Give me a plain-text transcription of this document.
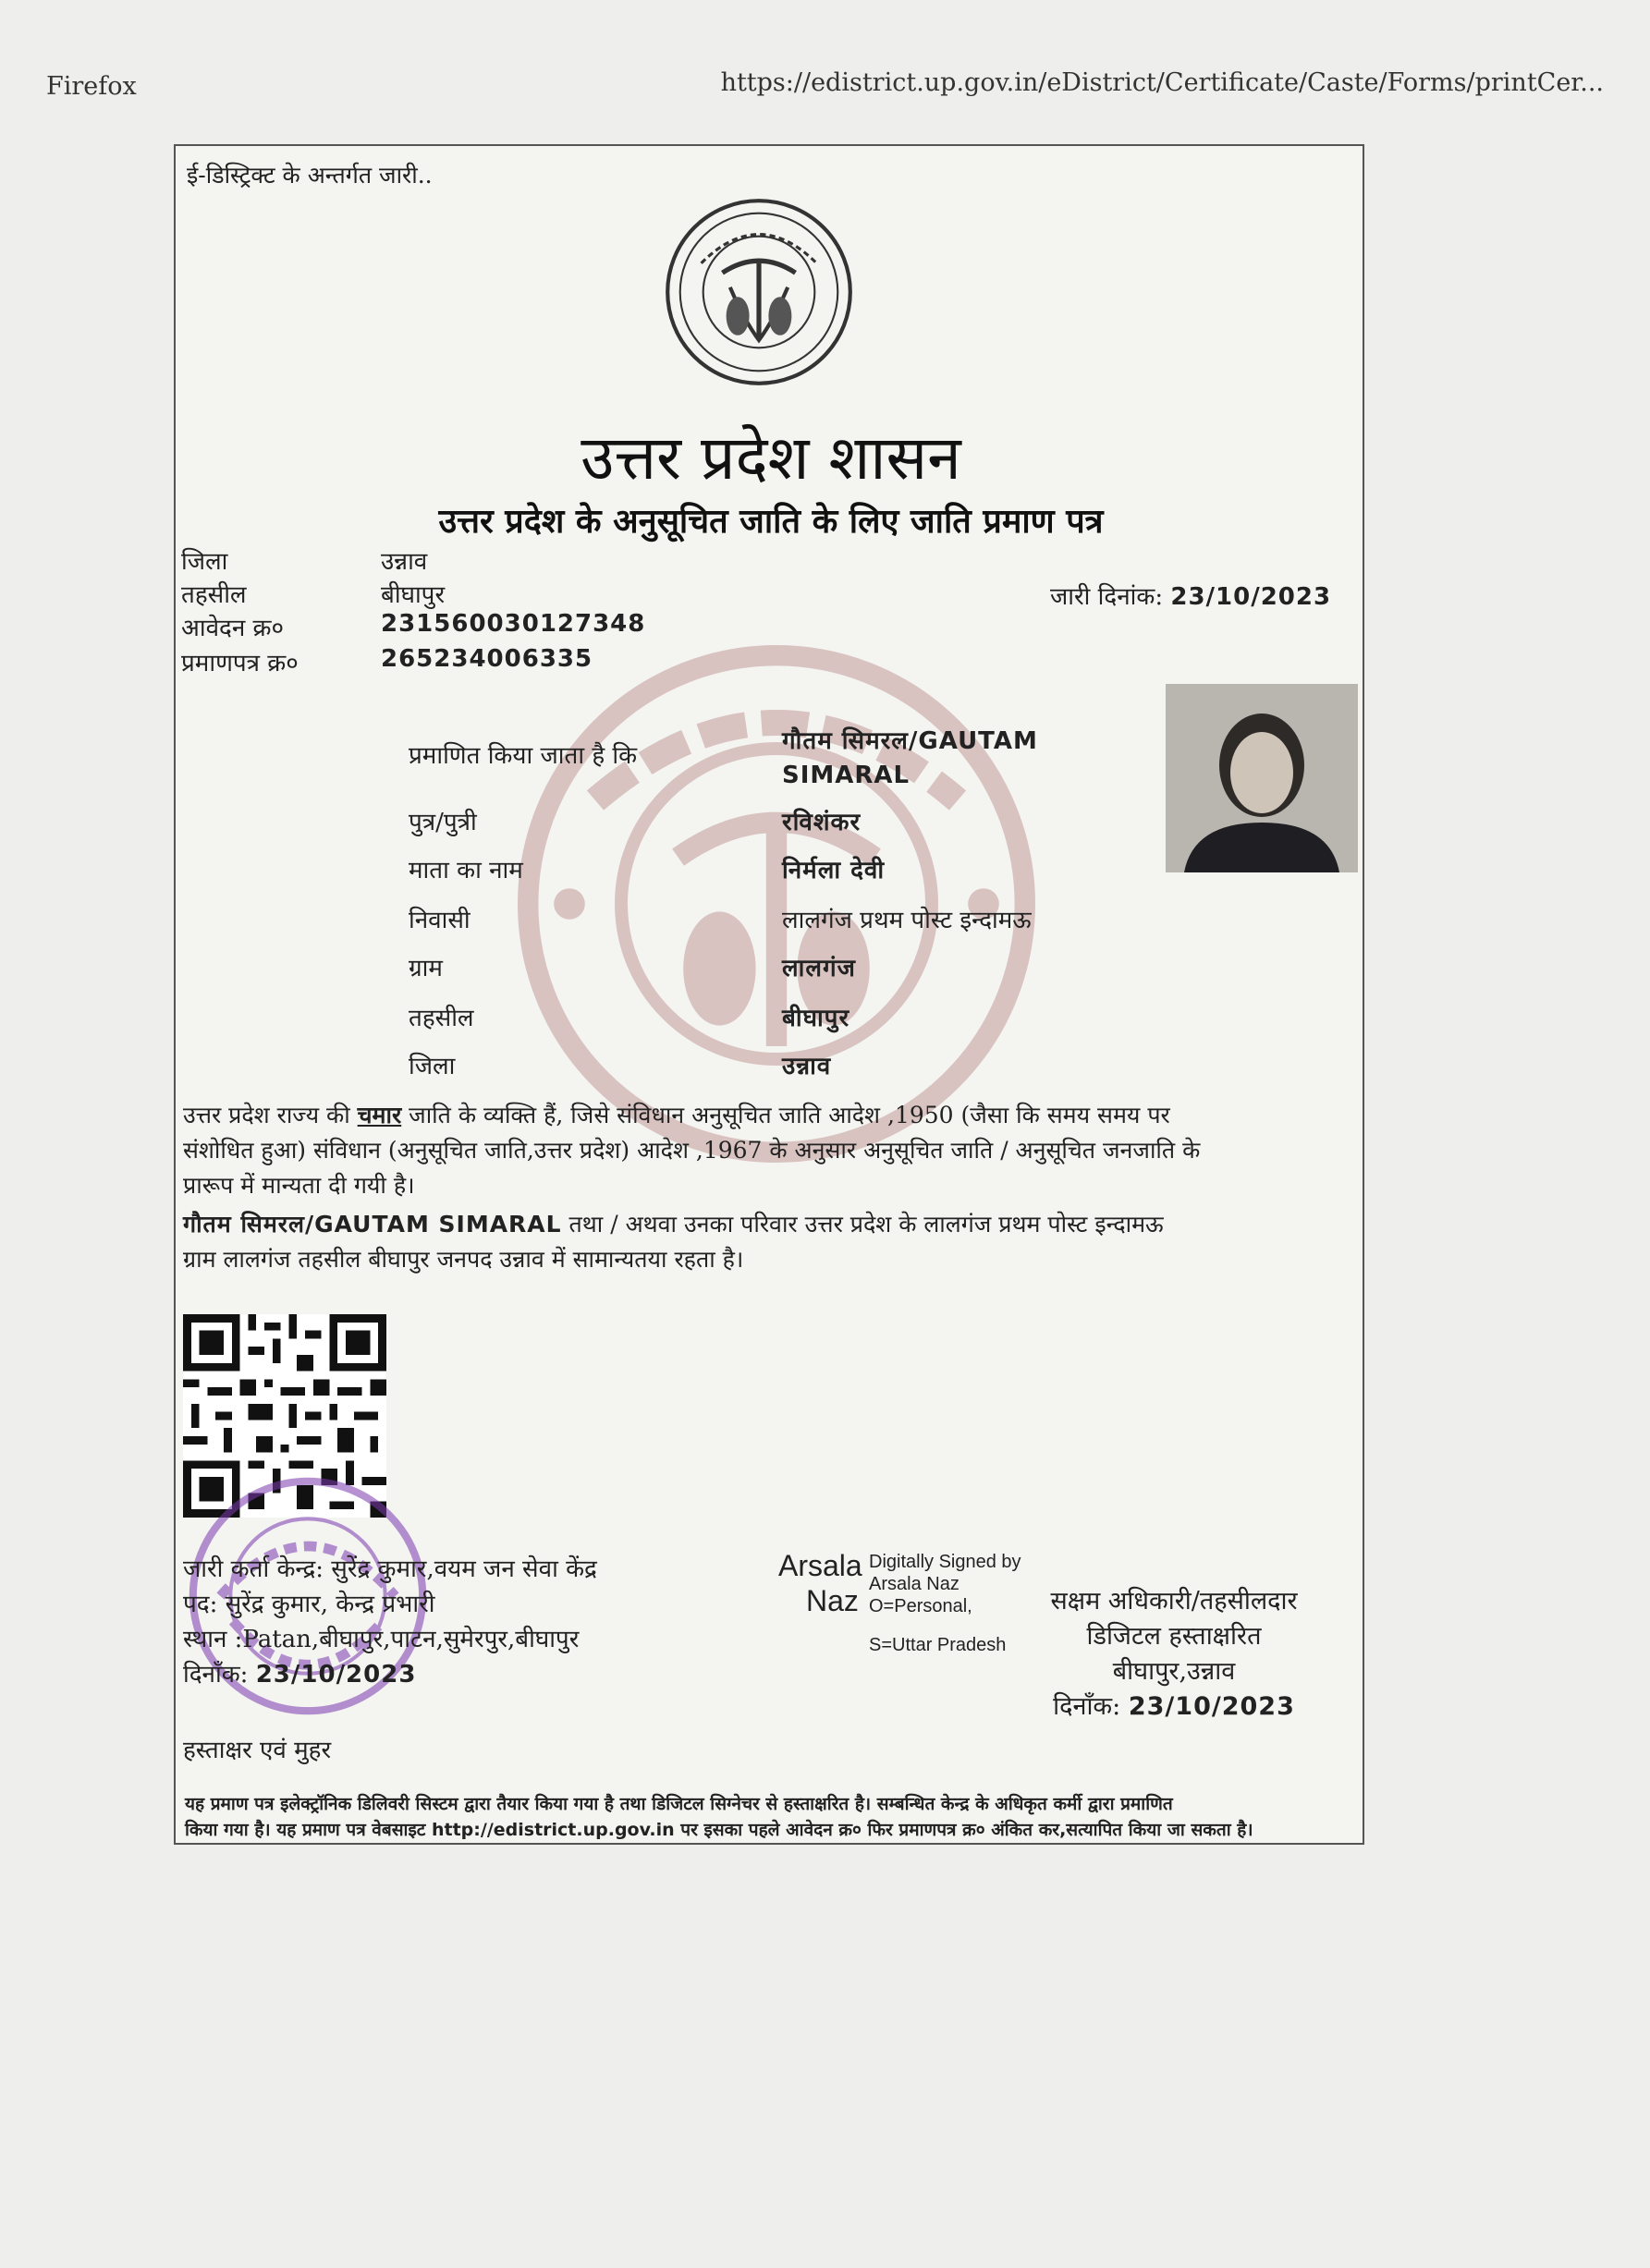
Firefox	https://edistrict.up.gov.in/eDistrict/Certificate/Caste/Forms/printCer...
ई-डिस्ट्रिक्ट के अन्तर्गत जारी..
उत्तर प्रदेश शासन
उत्तर प्रदेश के अनुसूचित जाति के लिए जाति प्रमाण पत्र
जिला	उन्नाव
तहसील	बीघापुर
आवेदन क्र०	231560030127348
प्रमाणपत्र क्र०	265234006335
जारी दिनांक: 23/10/2023
प्रमाणित किया जाता है कि
गौतम सिमरल/GAUTAM
SIMARAL
पुत्र/पुत्री	रविशंकर
माता का नाम	निर्मला देवी
निवासी	लालगंज प्रथम पोस्ट इन्दामऊ
ग्राम	लालगंज
तहसील	बीघापुर
जिला	उन्नाव
उत्तर प्रदेश राज्य की चमार जाति के व्यक्ति हैं, जिसे संविधान अनुसूचित जाति आदेश ,1950 (जैसा कि समय समय पर
संशोधित हुआ) संविधान (अनुसूचित जाति,उत्तर प्रदेश) आदेश ,1967 के अनुसार अनुसूचित जाति / अनुसूचित जनजाति के
प्रारूप में मान्यता दी गयी है।
गौतम सिमरल/GAUTAM SIMARAL तथा / अथवा उनका परिवार उत्तर प्रदेश के लालगंज प्रथम पोस्ट इन्दामऊ
ग्राम लालगंज तहसील बीघापुर जनपद उन्नाव में सामान्यतया रहता है।
जारी कर्ता केन्द्र: सुरेंद्र कुमार,वयम जन सेवा केंद्र
पद: सुरेंद्र कुमार, केन्द्र प्रभारी
स्थान :Patan,बीघापुर,पाटन,सुमेरपुर,बीघापुर
दिनाँक: 23/10/2023
हस्ताक्षर एवं मुहर
Arsala
Naz
Digitally Signed by
Arsala Naz
O=Personal,
S=Uttar Pradesh
सक्षम अधिकारी/तहसीलदार
डिजिटल हस्ताक्षरित
बीघापुर,उन्नाव
दिनाँक: 23/10/2023
यह प्रमाण पत्र इलेक्ट्रॉनिक डिलिवरी सिस्टम द्वारा तैयार किया गया है तथा डिजिटल सिग्नेचर से हस्ताक्षरित है। सम्बन्धित केन्द्र के अधिकृत कर्मी द्वारा प्रमाणित
किया गया है। यह प्रमाण पत्र वेबसाइट http://edistrict.up.gov.in पर इसका पहले आवेदन क्र० फिर प्रमाणपत्र क्र० अंकित कर,सत्यापित किया जा सकता है।
